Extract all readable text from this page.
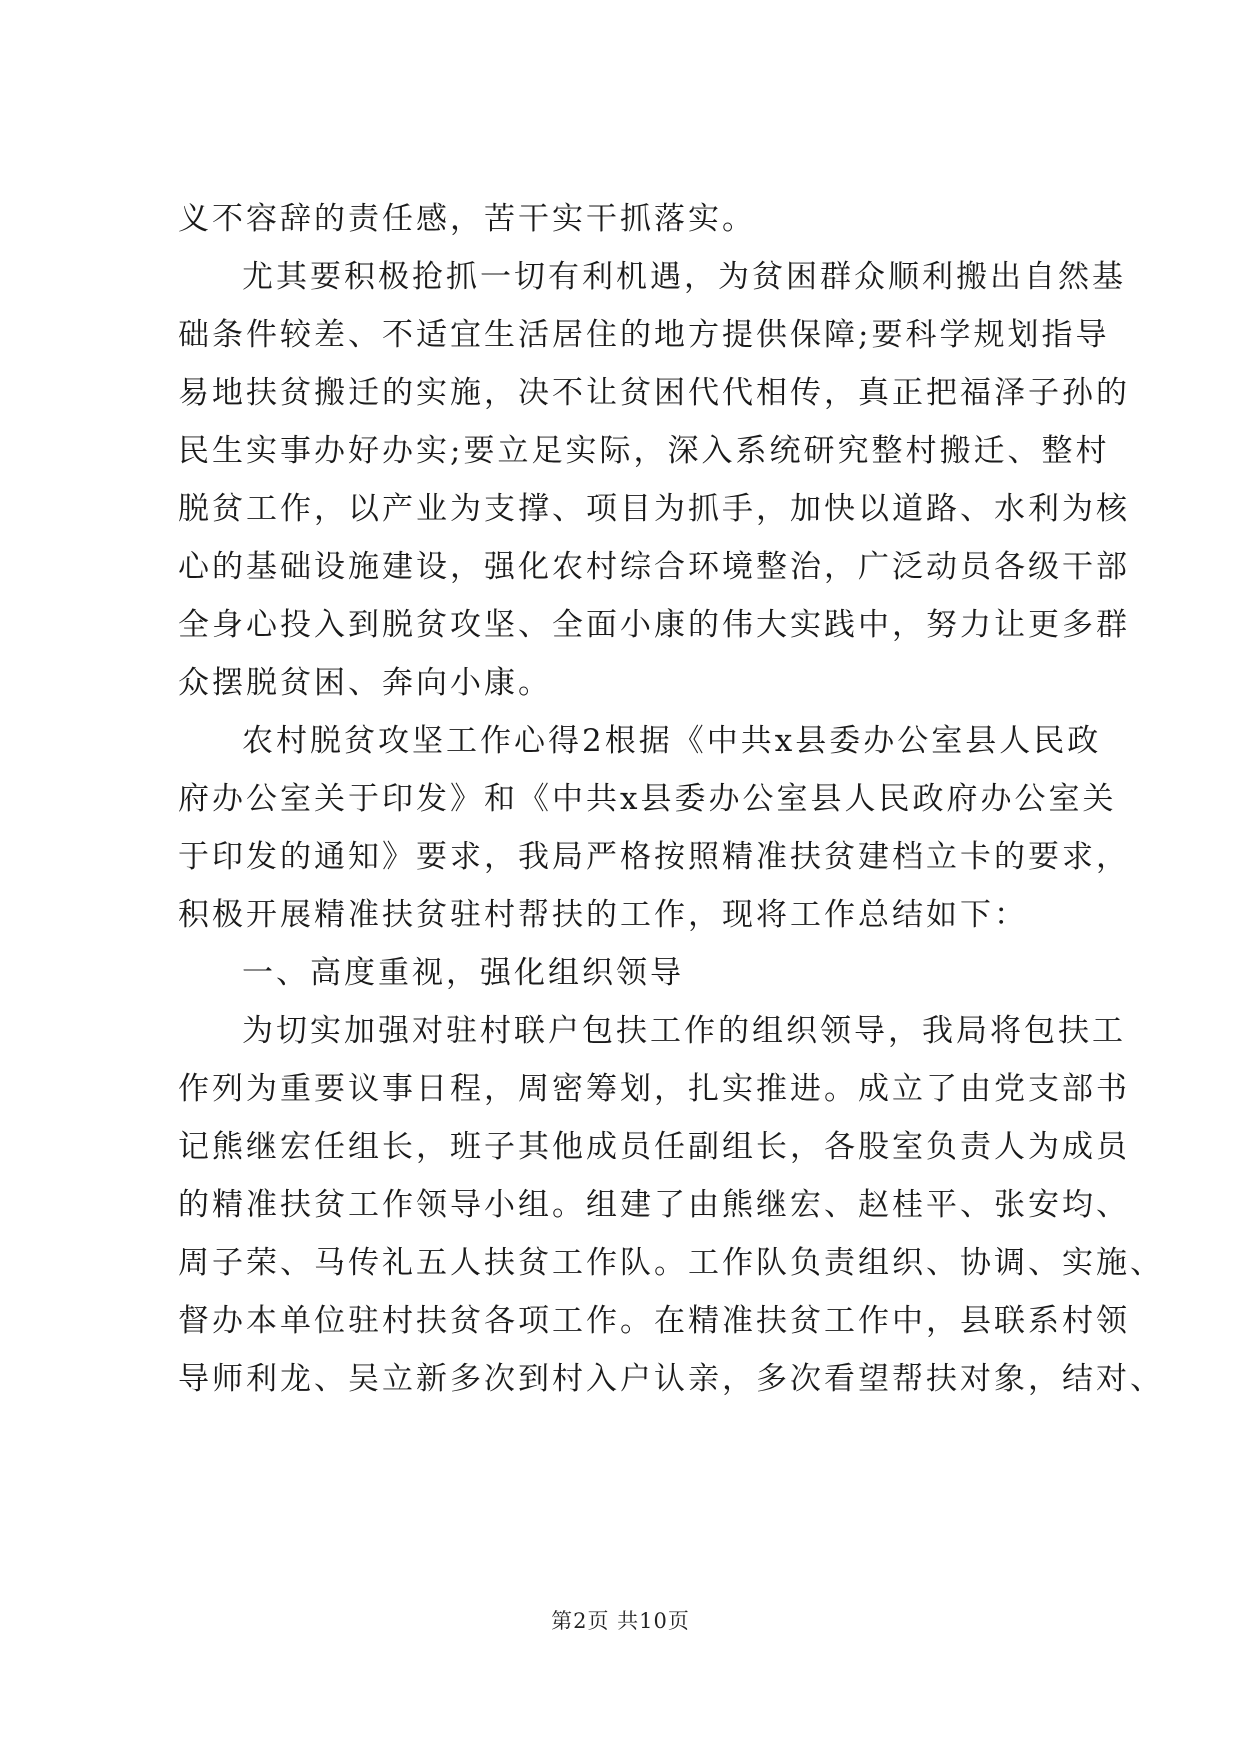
义不容辞的责任感，苦干实干抓落实。
尤其要积极抢抓一切有利机遇，为贫困群众顺利搬出自然基
础条件较差、不适宜生活居住的地方提供保障;要科学规划指导
易地扶贫搬迁的实施，决不让贫困代代相传，真正把福泽子孙的
民生实事办好办实;要立足实际，深入系统研究整村搬迁、整村
脱贫工作，以产业为支撑、项目为抓手，加快以道路、水利为核
心的基础设施建设，强化农村综合环境整治，广泛动员各级干部
全身心投入到脱贫攻坚、全面小康的伟大实践中，努力让更多群
众摆脱贫困、奔向小康。
农村脱贫攻坚工作心得2根据《中共x县委办公室县人民政
府办公室关于印发》和《中共x县委办公室县人民政府办公室关
于印发的通知》要求，我局严格按照精准扶贫建档立卡的要求，
积极开展精准扶贫驻村帮扶的工作，现将工作总结如下：
一、高度重视，强化组织领导
为切实加强对驻村联户包扶工作的组织领导，我局将包扶工
作列为重要议事日程，周密筹划，扎实推进。成立了由党支部书
记熊继宏任组长，班子其他成员任副组长，各股室负责人为成员
的精准扶贫工作领导小组。组建了由熊继宏、赵桂平、张安均、
周子荣、马传礼五人扶贫工作队。工作队负责组织、协调、实施、
督办本单位驻村扶贫各项工作。在精准扶贫工作中，县联系村领
导师利龙、吴立新多次到村入户认亲，多次看望帮扶对象，结对、
第2页 共10页
